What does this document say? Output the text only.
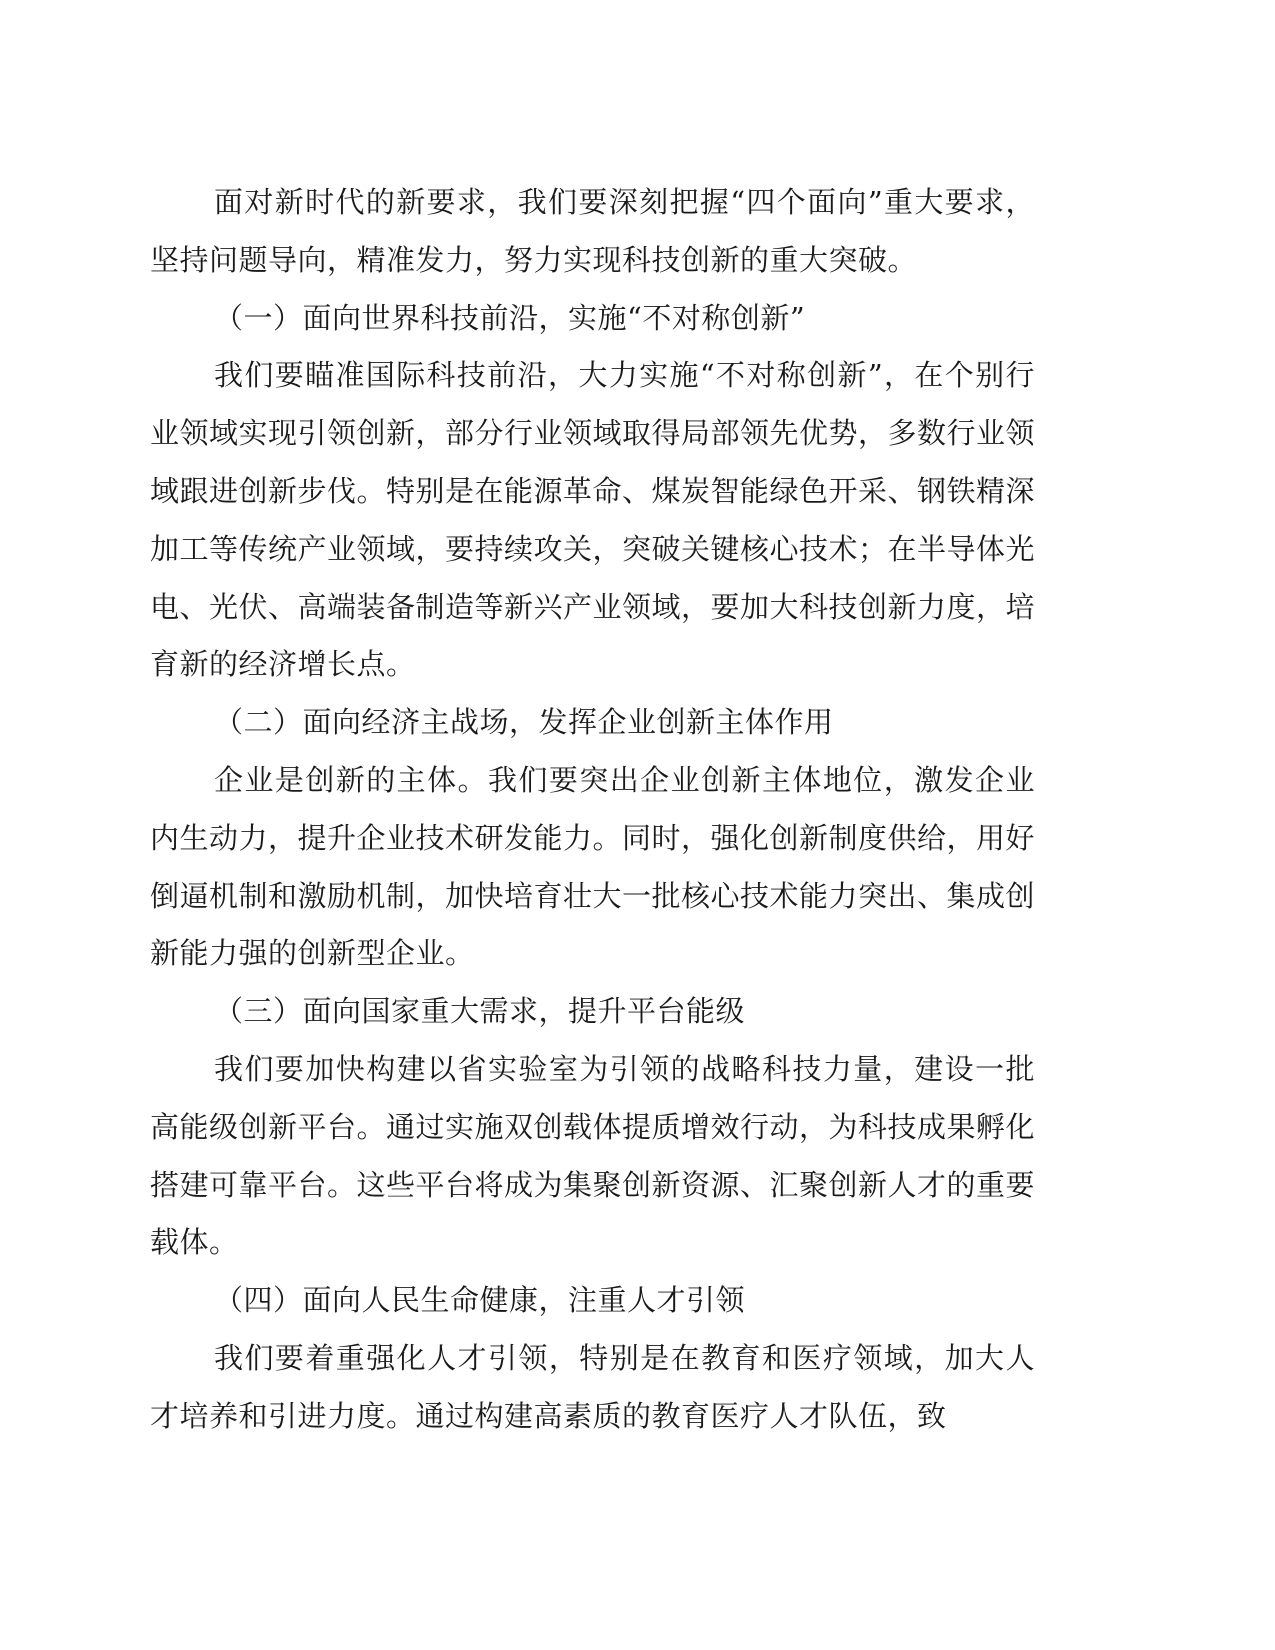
面对新时代的新要求，我们要深刻把握“四个面向”重大要求，坚持问题导向，精准发力，努力实现科技创新的重大突破。

（一）面向世界科技前沿，实施“不对称创新”

我们要瞄准国际科技前沿，大力实施“不对称创新”，在个别行业领域实现引领创新，部分行业领域取得局部领先优势，多数行业领域跟进创新步伐。特别是在能源革命、煤炭智能绿色开采、钢铁精深加工等传统产业领域，要持续攻关，突破关键核心技术；在半导体光电、光伏、高端装备制造等新兴产业领域，要加大科技创新力度，培育新的经济增长点。

（二）面向经济主战场，发挥企业创新主体作用

企业是创新的主体。我们要突出企业创新主体地位，激发企业内生动力，提升企业技术研发能力。同时，强化创新制度供给，用好倒逼机制和激励机制，加快培育壮大一批核心技术能力突出、集成创新能力强的创新型企业。

（三）面向国家重大需求，提升平台能级

我们要加快构建以省实验室为引领的战略科技力量，建设一批高能级创新平台。通过实施双创载体提质增效行动，为科技成果孵化搭建可靠平台。这些平台将成为集聚创新资源、汇聚创新人才的重要载体。

（四）面向人民生命健康，注重人才引领

我们要着重强化人才引领，特别是在教育和医疗领域，加大人才培养和引进力度。通过构建高素质的教育医疗人才队伍，致
